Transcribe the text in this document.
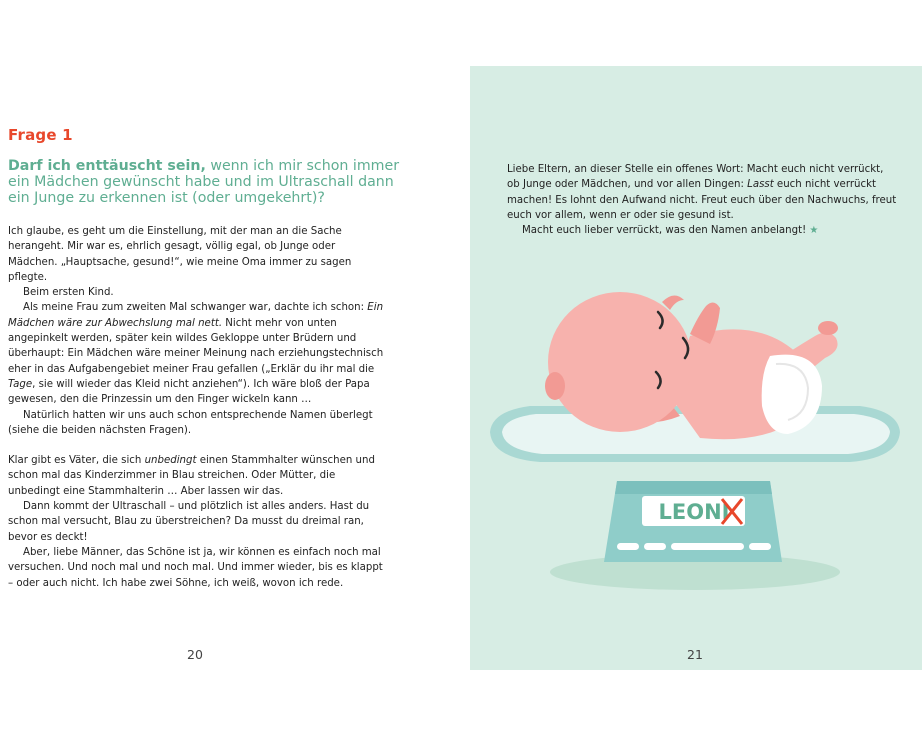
Frage 1
Darf ich enttäuscht sein, wenn ich mir schon immer ein Mädchen gewünscht habe und im Ultraschall dann ein Junge zu erkennen ist (oder umgekehrt)?

Ich glaube, es geht um die Einstellung, mit der man an die Sache herangeht. Mir war es, ehrlich gesagt, völlig egal, ob Junge oder Mädchen. „Hauptsache, gesund!“, wie meine Oma immer zu sagen pflegte.

Beim ersten Kind.

Als meine Frau zum zweiten Mal schwanger war, dachte ich schon: Ein Mädchen wäre zur Abwechslung mal nett. Nicht mehr von unten angepinkelt werden, später kein wildes Gekloppe unter Brüdern und überhaupt: Ein Mädchen wäre meiner Meinung nach erziehungstechnisch eher in das Aufgabengebiet meiner Frau gefallen („Erklär du ihr mal die Tage, sie will wieder das Kleid nicht anziehen“). Ich wäre bloß der Papa gewesen, den die Prinzessin um den Finger wickeln kann …

Natürlich hatten wir uns auch schon entsprechende Namen überlegt (siehe die beiden nächsten Fragen).

Klar gibt es Väter, die sich unbedingt einen Stammhalter wünschen und schon mal das Kinderzimmer in Blau streichen. Oder Mütter, die unbedingt eine Stammhalterin … Aber lassen wir das.

Dann kommt der Ultraschall – und plötzlich ist alles anders. Hast du schon mal versucht, Blau zu überstreichen? Da musst du dreimal ran, bevor es deckt!

Aber, liebe Männer, das Schöne ist ja, wir können es einfach noch mal versuchen. Und noch mal und noch mal. Und immer wieder, bis es klappt – oder auch nicht. Ich habe zwei Söhne, ich weiß, wovon ich rede.

20

Liebe Eltern, an dieser Stelle ein offenes Wort: Macht euch nicht verrückt, ob Junge oder Mädchen, und vor allen Dingen: Lasst euch nicht verrückt machen! Es lohnt den Aufwand nicht. Freut euch über den Nachwuchs, freut euch vor allem, wenn er oder sie gesund ist.

Macht euch lieber verrückt, was den Namen anbelangt! ★

LEONI
21
